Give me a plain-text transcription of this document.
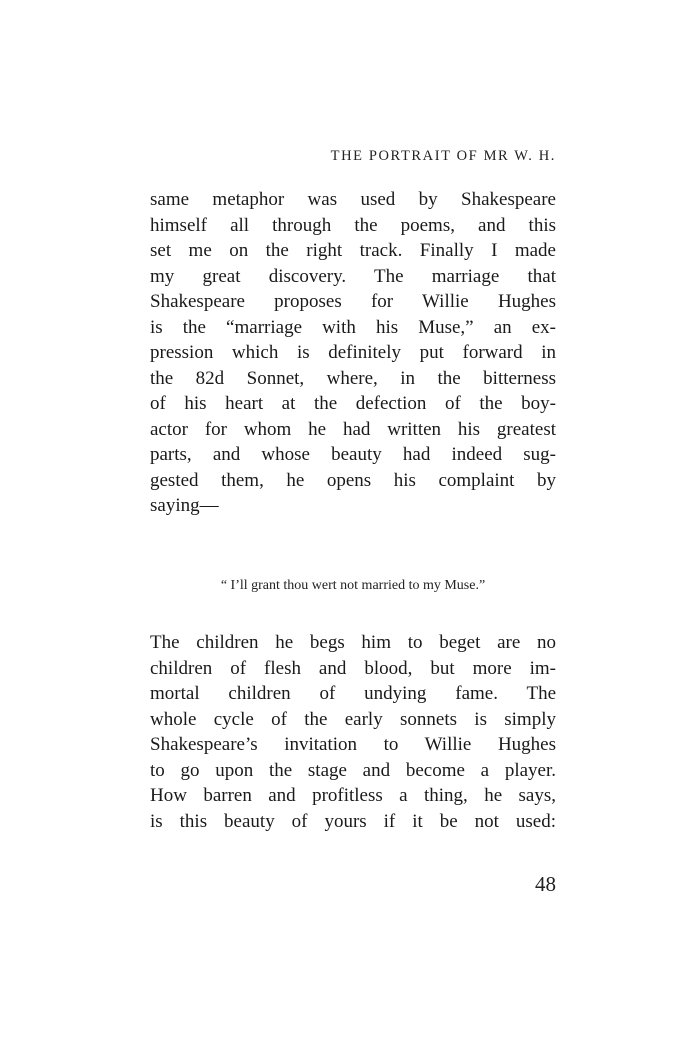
THE PORTRAIT OF MR W. H.

same metaphor was used by Shakespeare
himself all through the poems, and this
set me on the right track. Finally I made
my great discovery. The marriage that
Shakespeare proposes for Willie Hughes
is the “marriage with his Muse,” an ex-
pression which is definitely put forward in
the 82d Sonnet, where, in the bitterness
of his heart at the defection of the boy-
actor for whom he had written his greatest
parts, and whose beauty had indeed sug-
gested them, he opens his complaint by
saying—

“ I’ll grant thou wert not married to my Muse.”

The children he begs him to beget are no
children of flesh and blood, but more im-
mortal children of undying fame. The
whole cycle of the early sonnets is simply
Shakespeare’s invitation to Willie Hughes
to go upon the stage and become a player.
How barren and profitless a thing, he says,
is this beauty of yours if it be not used:

48
